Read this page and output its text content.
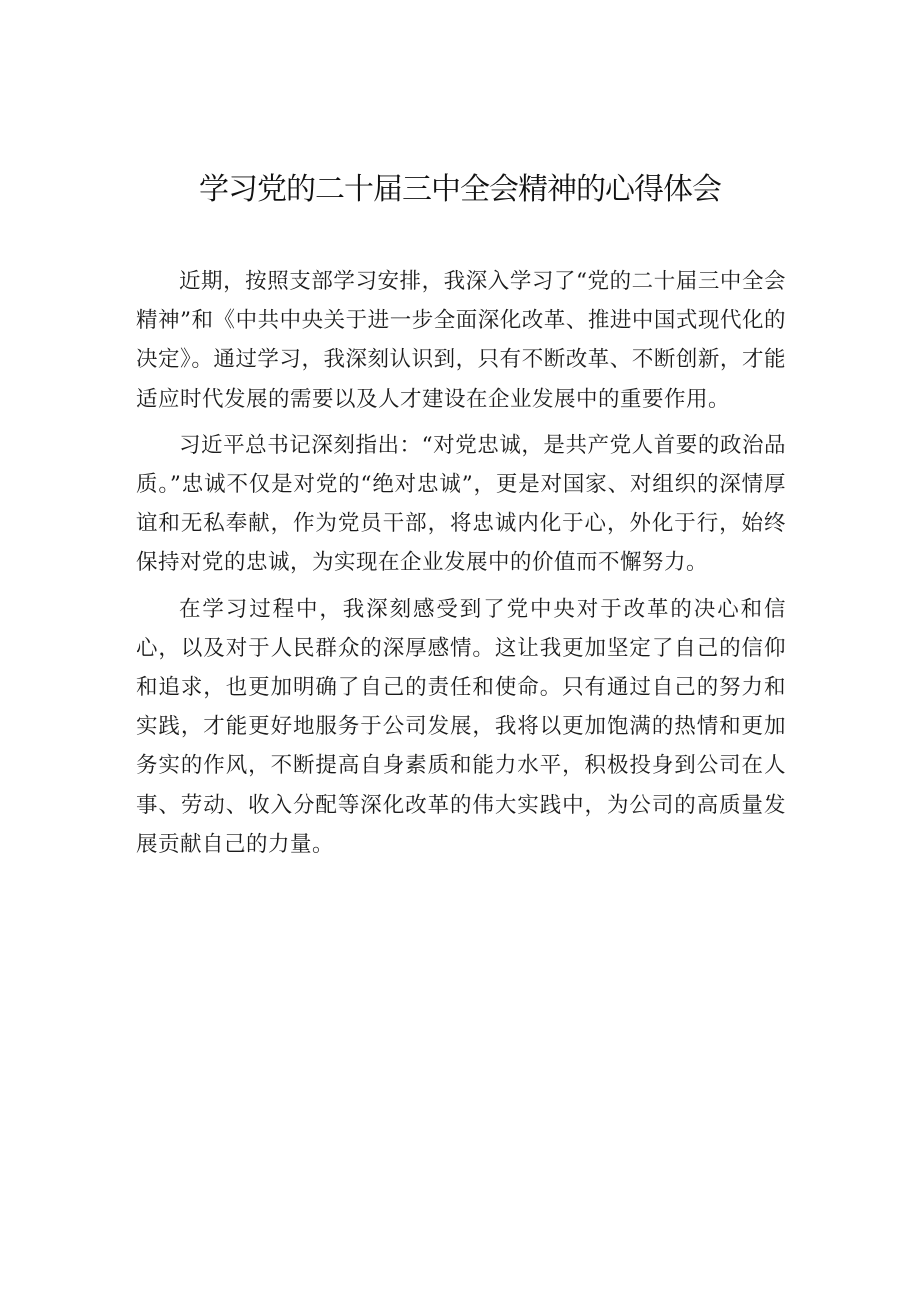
学习党的二十届三中全会精神的心得体会

近期，按照支部学习安排，我深入学习了“党的二十届三中全会精神”和《中共中央关于进一步全面深化改革、推进中国式现代化的决定》。通过学习，我深刻认识到，只有不断改革、不断创新，才能适应时代发展的需要以及人才建设在企业发展中的重要作用。

习近平总书记深刻指出：“对党忠诚，是共产党人首要的政治品质。”忠诚不仅是对党的“绝对忠诚”，更是对国家、对组织的深情厚谊和无私奉献，作为党员干部，将忠诚内化于心，外化于行，始终保持对党的忠诚，为实现在企业发展中的价值而不懈努力。

在学习过程中，我深刻感受到了党中央对于改革的决心和信心，以及对于人民群众的深厚感情。这让我更加坚定了自己的信仰和追求，也更加明确了自己的责任和使命。只有通过自己的努力和实践，才能更好地服务于公司发展，我将以更加饱满的热情和更加务实的作风，不断提高自身素质和能力水平，积极投身到公司在人事、劳动、收入分配等深化改革的伟大实践中，为公司的高质量发展贡献自己的力量。
